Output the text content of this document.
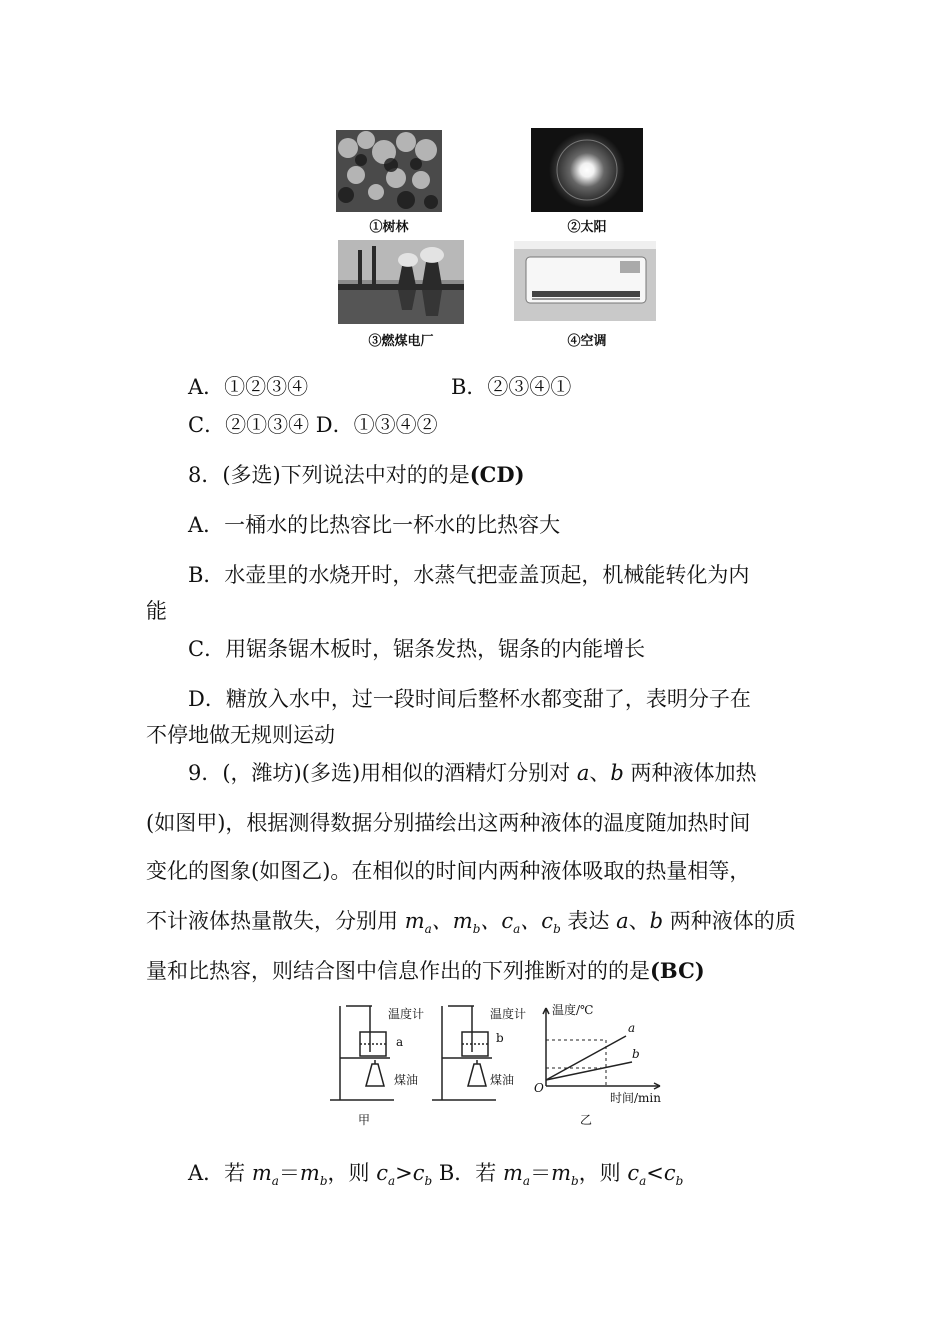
①树林	②太阳
③燃煤电厂	④空调
A．①②③④	B．②③④①
C．②①③④ D．①③④②
8．(多选)下列说法中对的的是(CD)
A．一桶水的比热容比一杯水的比热容大
B．水壶里的水烧开时，水蒸气把壶盖顶起，机械能转化为内
能
C．用锯条锯木板时，锯条发热，锯条的内能增长
D．糖放入水中，过一段时间后整杯水都变甜了，表明分子在
不停地做无规则运动
9．(，潍坊)(多选)用相似的酒精灯分别对 a、b 两种液体加热
(如图甲)，根据测得数据分别描绘出这两种液体的温度随加热时间
变化的图象(如图乙)。在相似的时间内两种液体吸取的热量相等，
不计液体热量散失，分别用 $m_a$、$m_b$、$c_a$、$c_b$ 表达 a、b 两种液体的质
量和比热容，则结合图中信息作出的下列推断对的的是(BC)
温度计
a
煤油
甲
温度计
b
煤油
温度/℃
时间/min
O
a
b
乙
A．若 $m_a=m_b$，则 $c_a>c_b$ B．若 $m_a=m_b$，则 $c_a<c_b$
